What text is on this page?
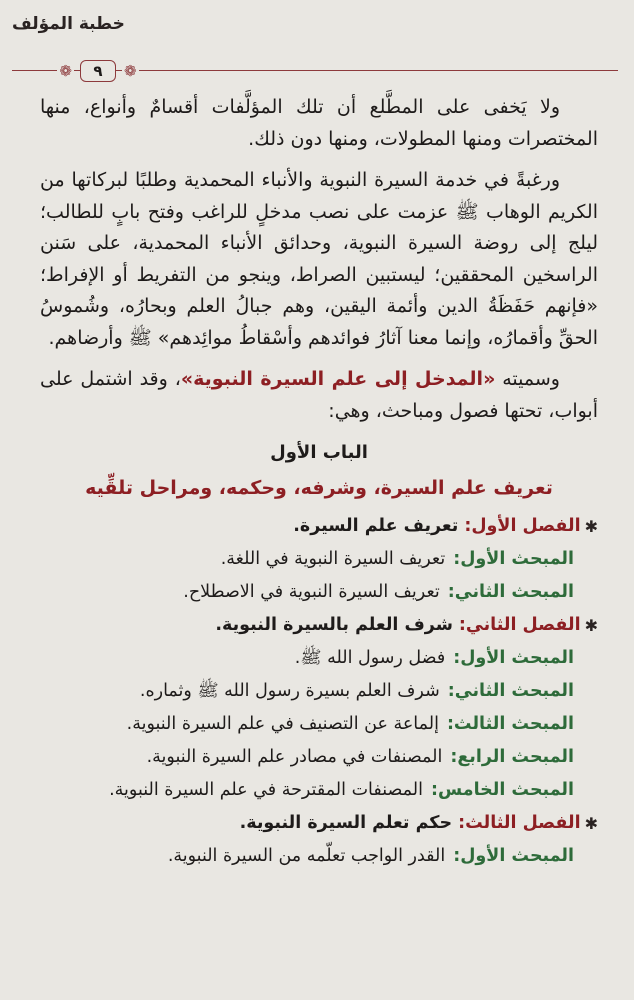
خطبة المؤلف
❁	٩	❁

ولا يَخفى على المطَّلع أن تلك المؤلَّفات أقسامٌ وأنواع، منها المختصرات ومنها المطولات، ومنها دون ذلك.

ورغبةً في خدمة السيرة النبوية والأنباء المحمدية وطلبًا لبركاتها من الكريم الوهاب ﷺ عزمت على نصب مدخلٍ للراغب وفتح بابٍ للطالب؛ ليلج إلى روضة السيرة النبوية، وحدائق الأنباء المحمدية، على سَنن الراسخين المحققين؛ ليستبين الصراط، وينجو من التفريط أو الإفراط؛ «فإنهم حَفَظَةُ الدين وأئمة اليقين، وهم جبالُ العلم وبحارُه، وشُموسُ الحقِّ وأقمارُه، وإنما معنا آثارُ فوائدهم وأسْقاطُ موائِدهم» ﷺ وأرضاهم.

وسميته «المدخل إلى علم السيرة النبوية»، وقد اشتمل على أبواب، تحتها فصول ومباحث، وهي:

الباب الأول
تعريف علم السيرة، وشرفه، وحكمه، ومراحل تلقِّيه
✱
الفصل الأول:
تعريف علم السيرة.
المبحث الأول:
تعريف السيرة النبوية في اللغة.
المبحث الثاني:
تعريف السيرة النبوية في الاصطلاح.
✱
الفصل الثاني:
شرف العلم بالسيرة النبوية.
المبحث الأول:
فضل رسول الله ﷺ.
المبحث الثاني:
شرف العلم بسيرة رسول الله ﷺ وثماره.
المبحث الثالث:
إلماعة عن التصنيف في علم السيرة النبوية.
المبحث الرابع:
المصنفات في مصادر علم السيرة النبوية.
المبحث الخامس:
المصنفات المقترحة في علم السيرة النبوية.
✱
الفصل الثالث:
حكم تعلم السيرة النبوية.
المبحث الأول:
القدر الواجب تعلّمه من السيرة النبوية.
